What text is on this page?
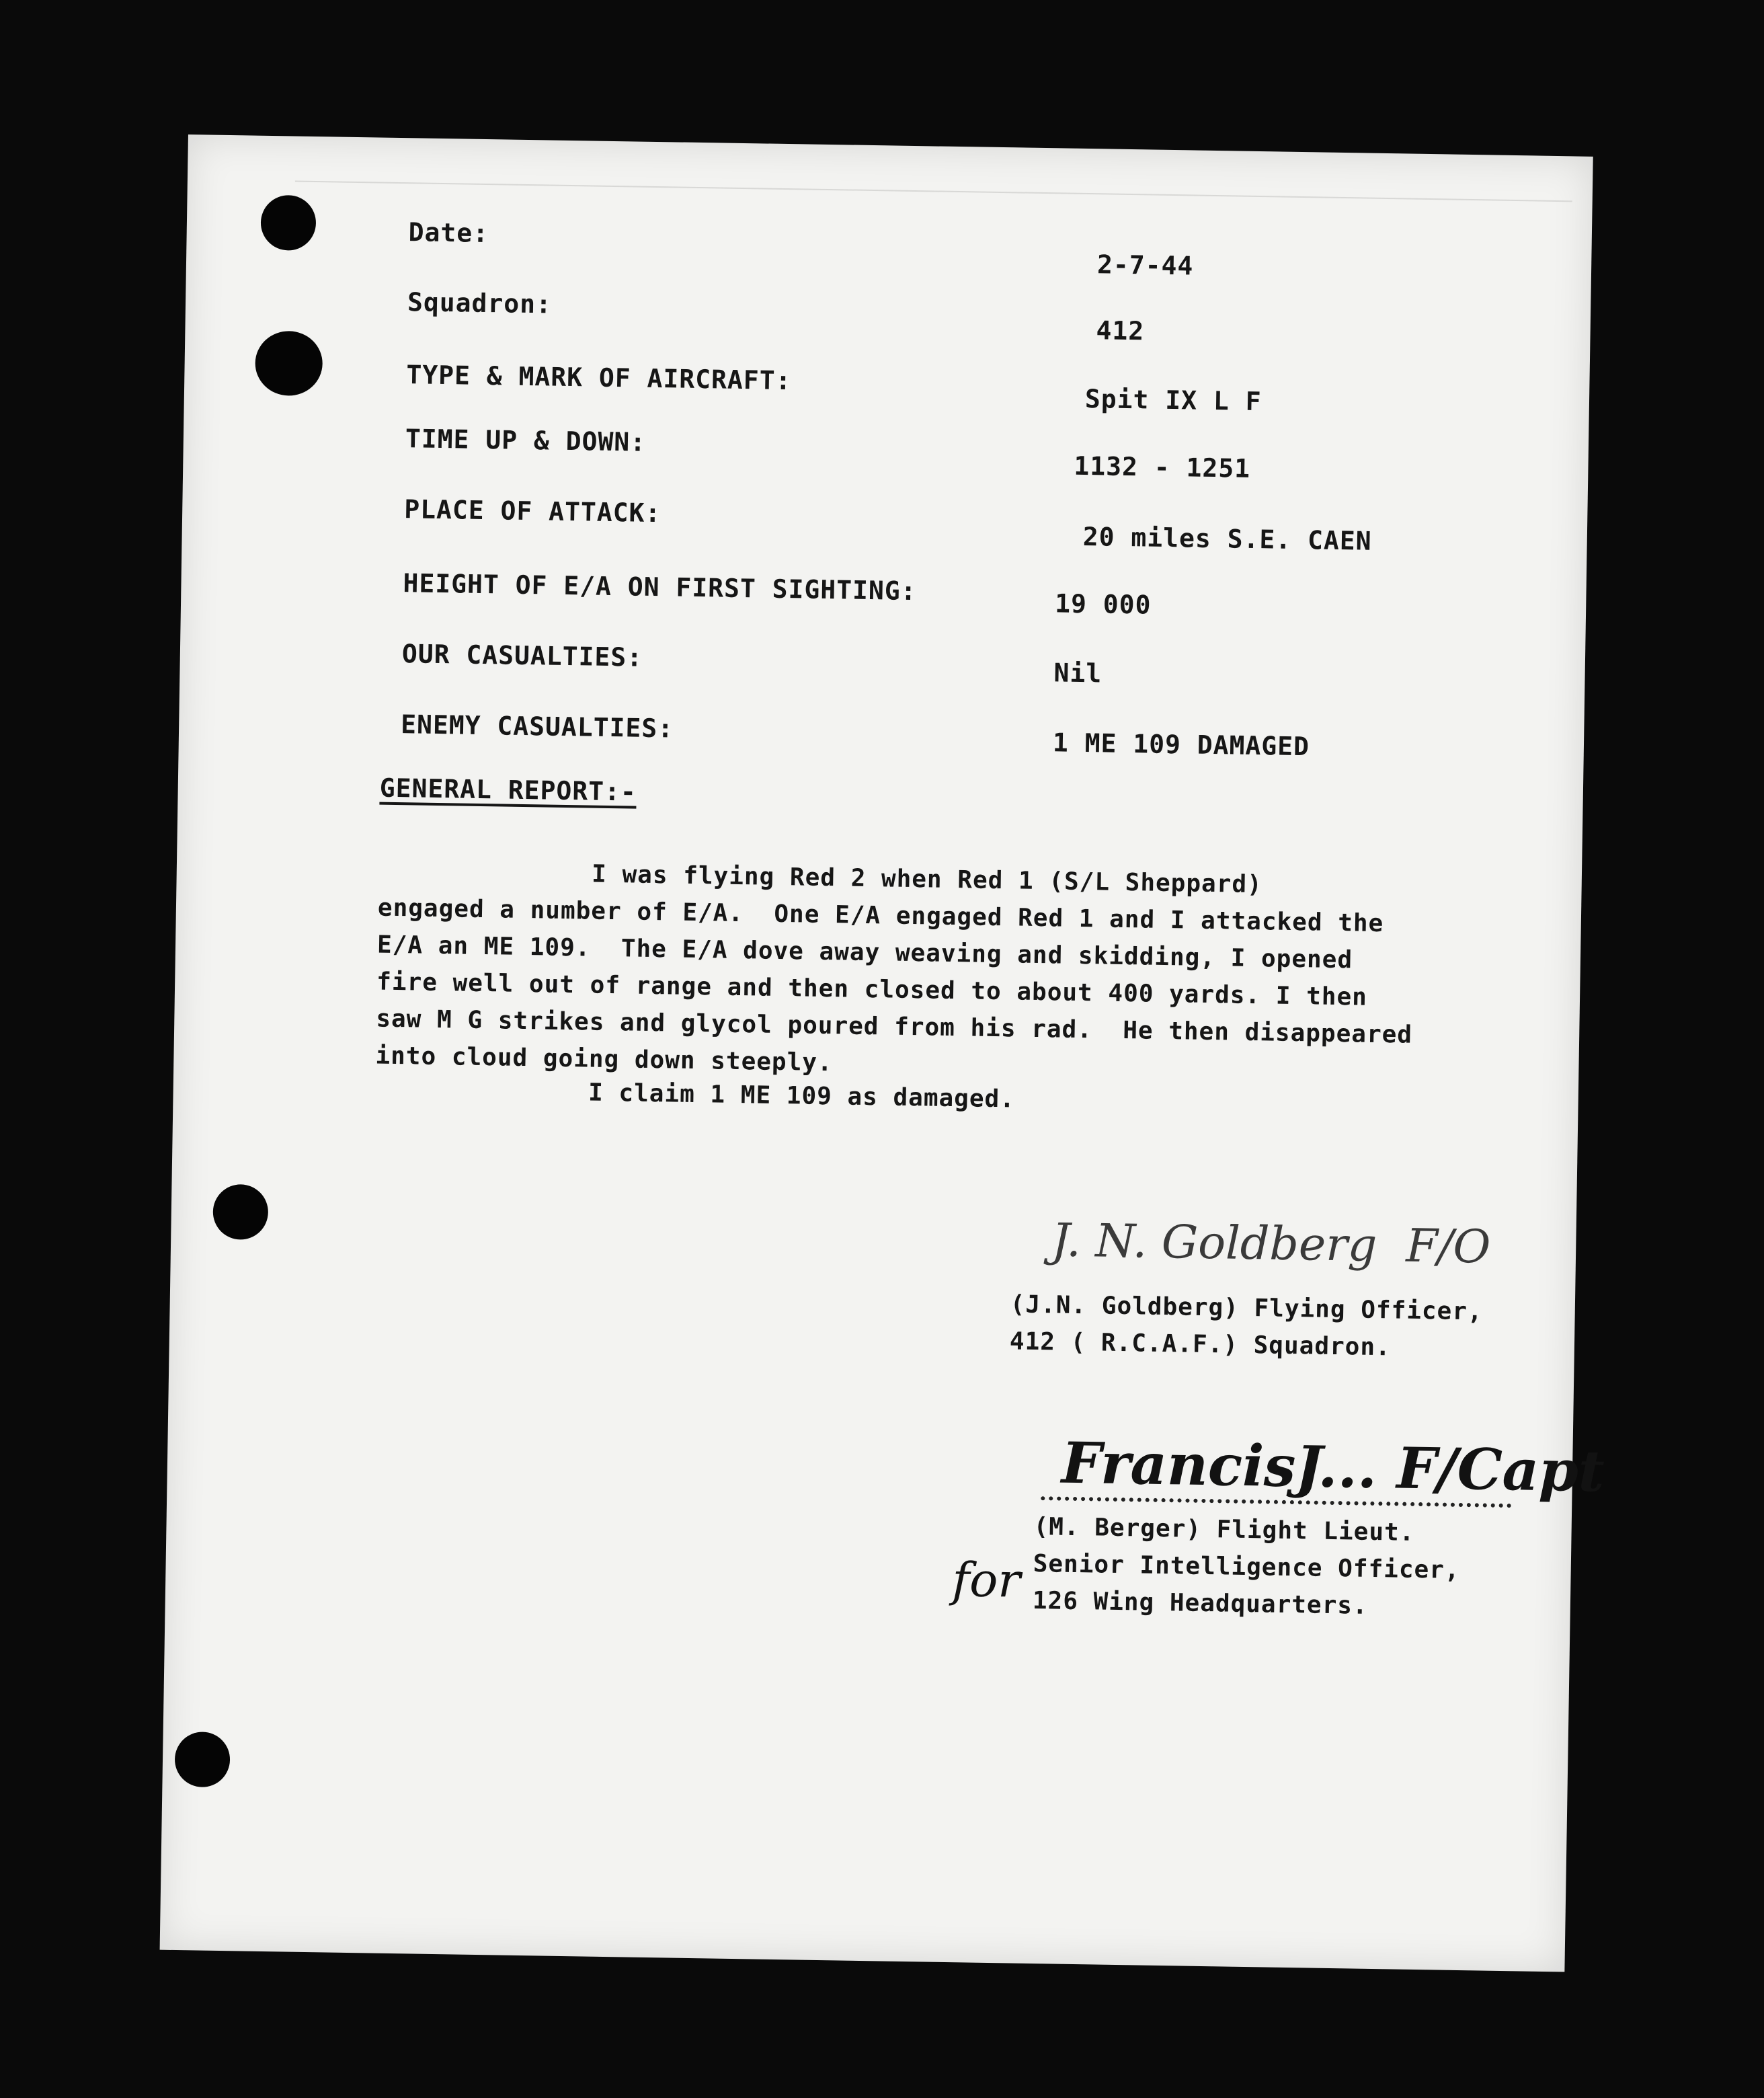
Date:
2-7-44
Squadron:
412
TYPE & MARK OF AIRCRAFT:
Spit IX L F
TIME UP & DOWN:
1132 - 1251
PLACE OF ATTACK:
20 miles S.E. CAEN
HEIGHT OF E/A ON FIRST SIGHTING:	19 000
OUR CASUALTIES:
Nil
ENEMY CASUALTIES:
1 ME 109 DAMAGED
GENERAL REPORT:-
I was flying Red 2 when Red 1 (S/L Sheppard)
engaged a number of E/A.  One E/A engaged Red 1 and I attacked the
E/A an ME 109.  The E/A dove away weaving and skidding, I opened
fire well out of range and then closed to about 400 yards. I then
saw M G strikes and glycol poured from his rad.  He then disappeared
into cloud going down steeply.
I claim 1 ME 109 as damaged.
J. N. Goldberg  F/O
(J.N. Goldberg) Flying Officer,
412 ( R.C.A.F.) Squadron.
FrancisJ... F/Capt
for
(M. Berger) Flight Lieut.
Senior Intelligence Officer,
126 Wing Headquarters.
